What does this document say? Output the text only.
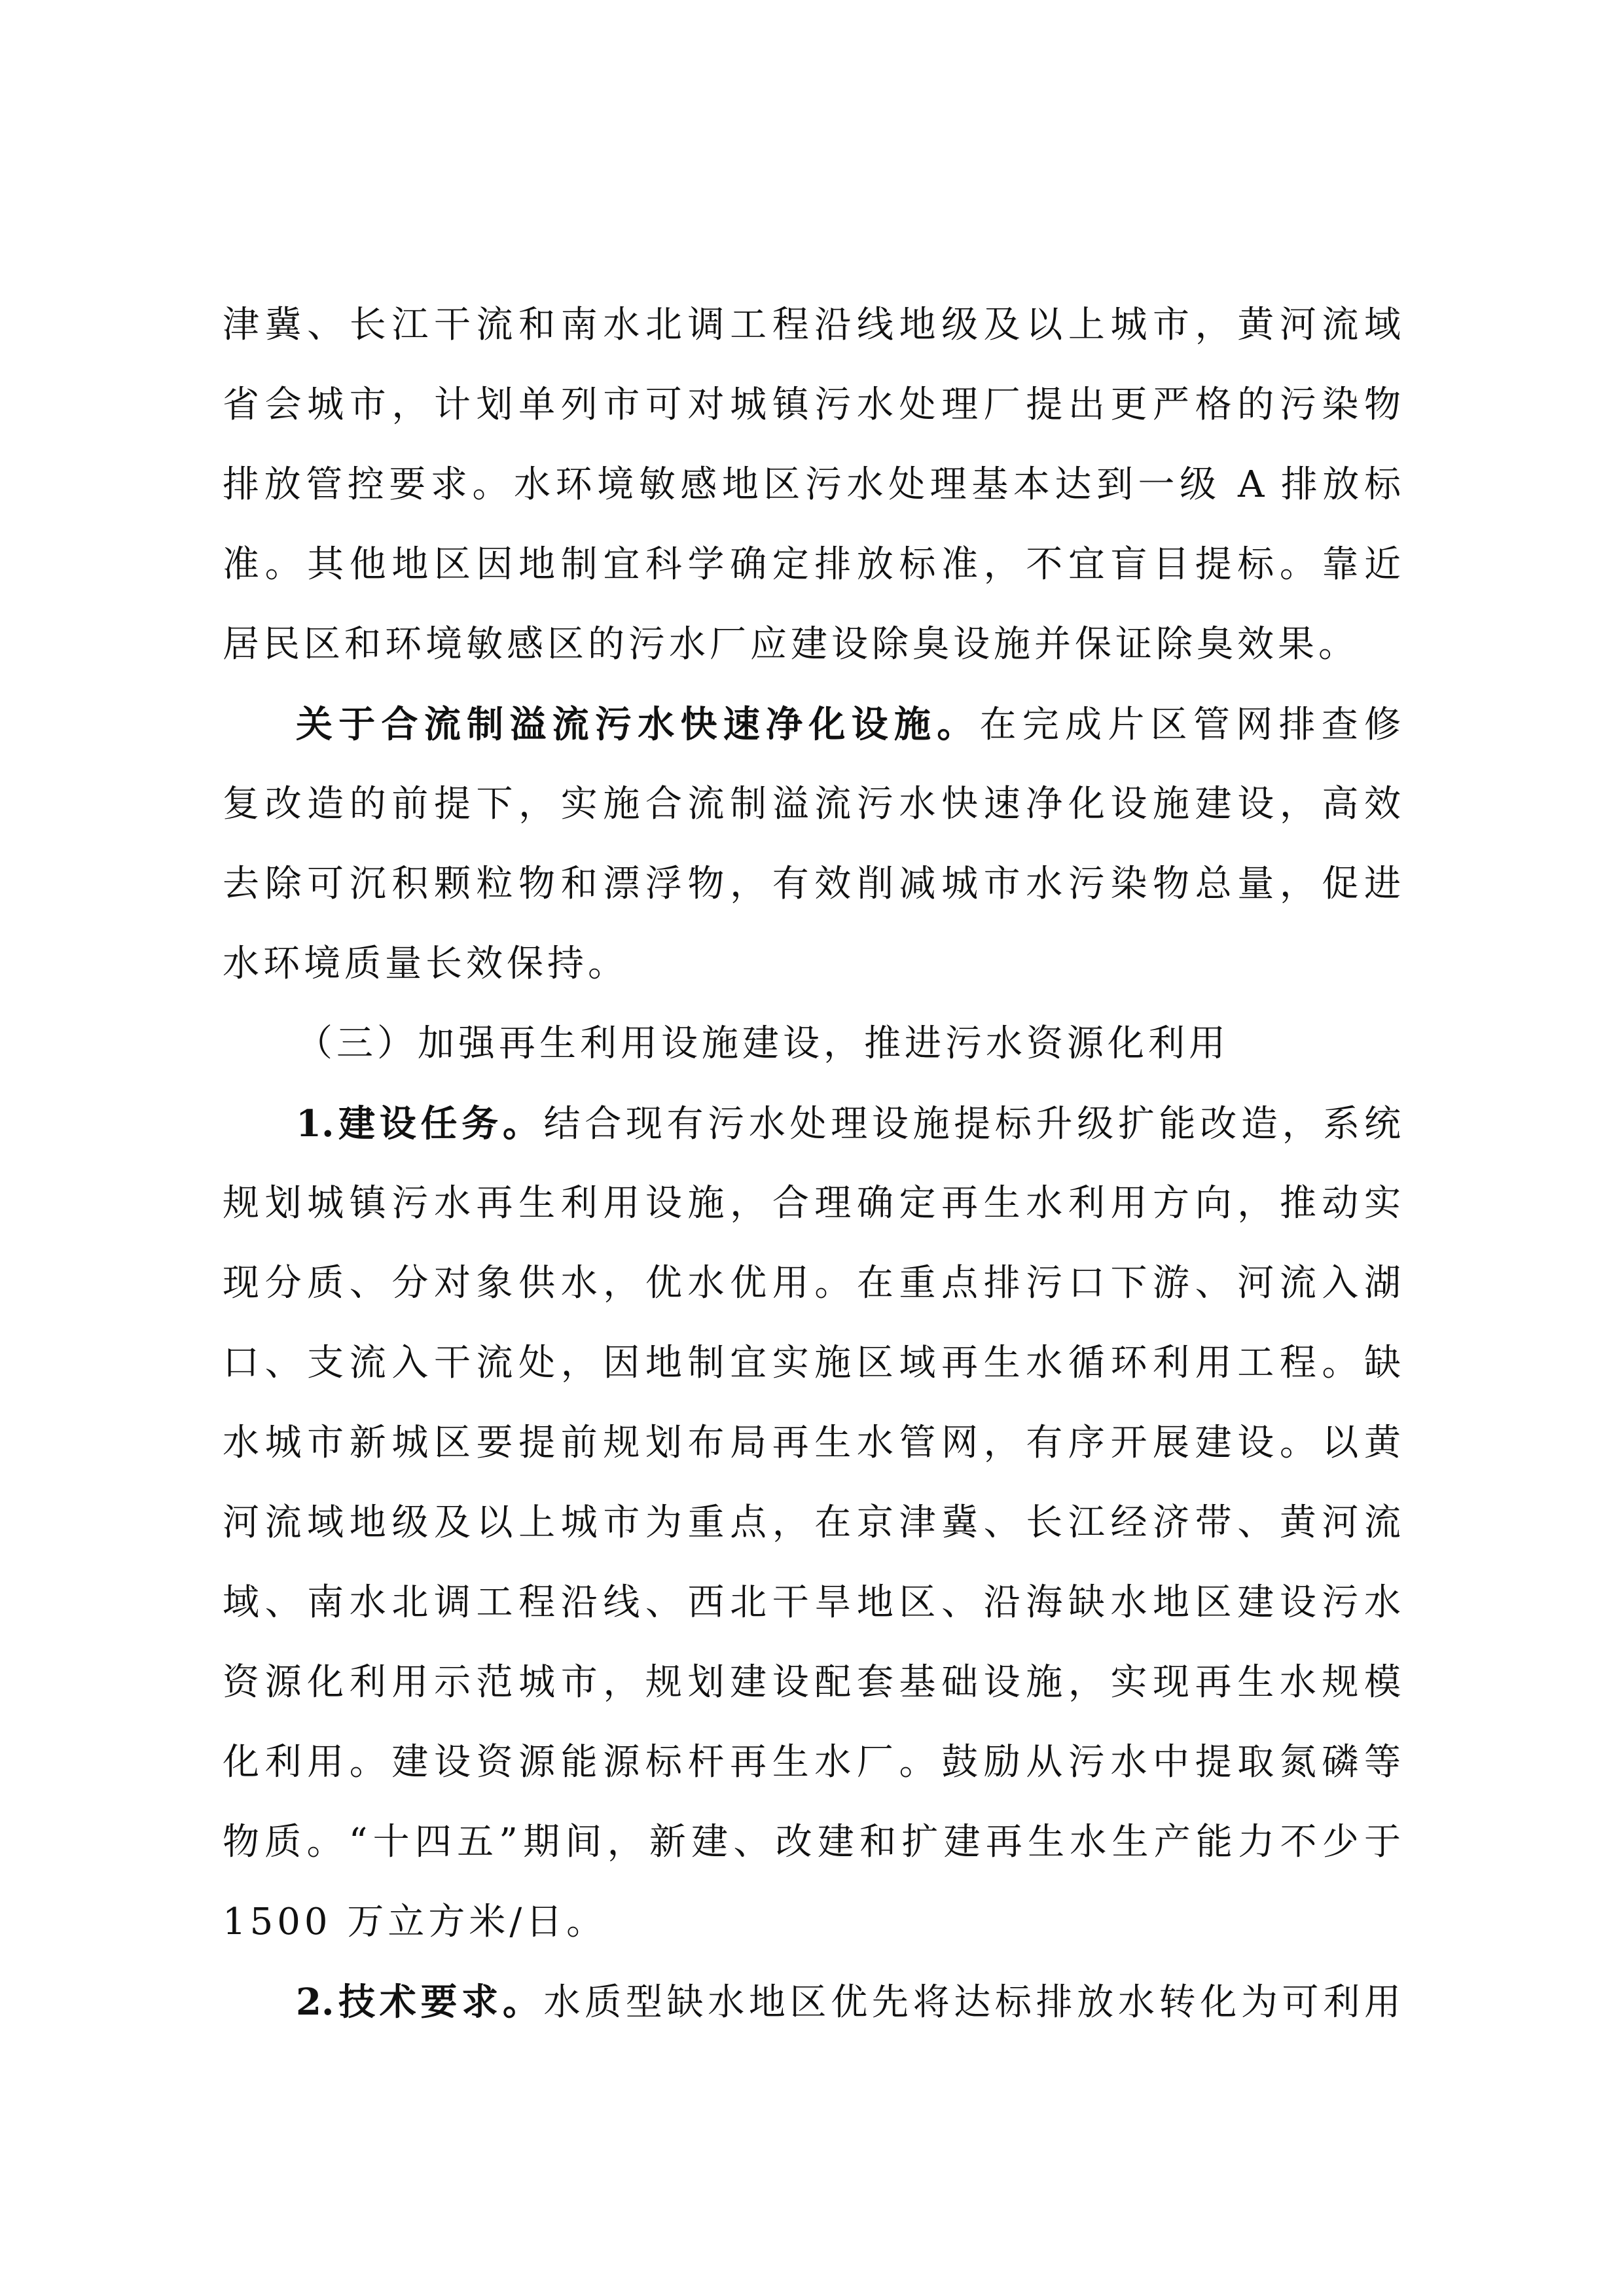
津冀、长江干流和南水北调工程沿线地级及以上城市，黄河流域
省会城市，计划单列市可对城镇污水处理厂提出更严格的污染物
排放管控要求。水环境敏感地区污水处理基本达到一级 A 排放标
准。其他地区因地制宜科学确定排放标准，不宜盲目提标。靠近
居民区和环境敏感区的污水厂应建设除臭设施并保证除臭效果。
关于合流制溢流污水快速净化设施。在完成片区管网排查修
复改造的前提下，实施合流制溢流污水快速净化设施建设，高效
去除可沉积颗粒物和漂浮物，有效削减城市水污染物总量，促进
水环境质量长效保持。
（三）加强再生利用设施建设，推进污水资源化利用
1.建设任务。结合现有污水处理设施提标升级扩能改造，系统
规划城镇污水再生利用设施，合理确定再生水利用方向，推动实
现分质、分对象供水，优水优用。在重点排污口下游、河流入湖
口、支流入干流处，因地制宜实施区域再生水循环利用工程。缺
水城市新城区要提前规划布局再生水管网，有序开展建设。以黄
河流域地级及以上城市为重点，在京津冀、长江经济带、黄河流
域、南水北调工程沿线、西北干旱地区、沿海缺水地区建设污水
资源化利用示范城市，规划建设配套基础设施，实现再生水规模
化利用。建设资源能源标杆再生水厂。鼓励从污水中提取氮磷等
物质。“十四五”期间，新建、改建和扩建再生水生产能力不少于
1500 万立方米/日。
2.技术要求。水质型缺水地区优先将达标排放水转化为可利用
